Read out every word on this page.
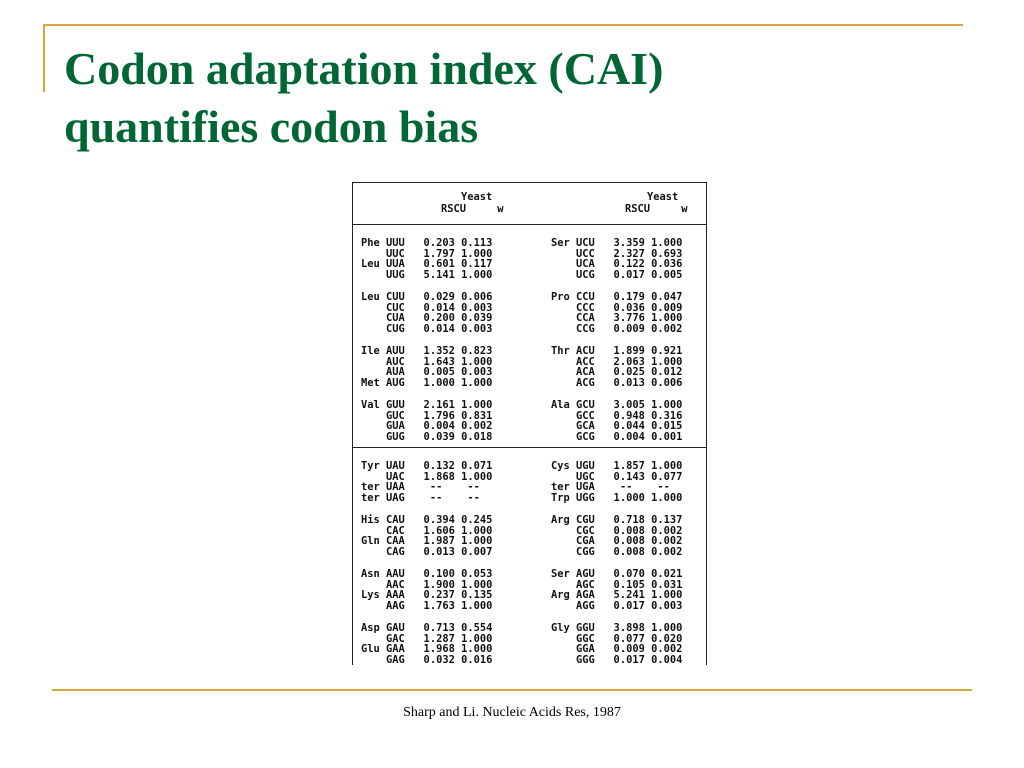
Codon adaptation index (CAI)
quantifies codon bias
Yeast
RSCU     w
Yeast
RSCU     w
Phe UUU   0.203 0.113
UUC   1.797 1.000
Leu UUA   0.601 0.117
UUG   5.141 1.000
Leu CUU   0.029 0.006
CUC   0.014 0.003
CUA   0.200 0.039
CUG   0.014 0.003
Ile AUU   1.352 0.823
AUC   1.643 1.000
AUA   0.005 0.003
Met AUG   1.000 1.000
Val GUU   2.161 1.000
GUC   1.796 0.831
GUA   0.004 0.002
GUG   0.039 0.018
Ser UCU   3.359 1.000
UCC   2.327 0.693
UCA   0.122 0.036
UCG   0.017 0.005
Pro CCU   0.179 0.047
CCC   0.036 0.009
CCA   3.776 1.000
CCG   0.009 0.002
Thr ACU   1.899 0.921
ACC   2.063 1.000
ACA   0.025 0.012
ACG   0.013 0.006
Ala GCU   3.005 1.000
GCC   0.948 0.316
GCA   0.044 0.015
GCG   0.004 0.001
Tyr UAU   0.132 0.071
UAC   1.868 1.000
ter UAA    --    --
ter UAG    --    --
His CAU   0.394 0.245
CAC   1.606 1.000
Gln CAA   1.987 1.000
CAG   0.013 0.007
Asn AAU   0.100 0.053
AAC   1.900 1.000
Lys AAA   0.237 0.135
AAG   1.763 1.000
Asp GAU   0.713 0.554
GAC   1.287 1.000
Glu GAA   1.968 1.000
GAG   0.032 0.016
Cys UGU   1.857 1.000
UGC   0.143 0.077
ter UGA    --    --
Trp UGG   1.000 1.000
Arg CGU   0.718 0.137
CGC   0.008 0.002
CGA   0.008 0.002
CGG   0.008 0.002
Ser AGU   0.070 0.021
AGC   0.105 0.031
Arg AGA   5.241 1.000
AGG   0.017 0.003
Gly GGU   3.898 1.000
GGC   0.077 0.020
GGA   0.009 0.002
GGG   0.017 0.004
Sharp and Li. Nucleic Acids Res, 1987
